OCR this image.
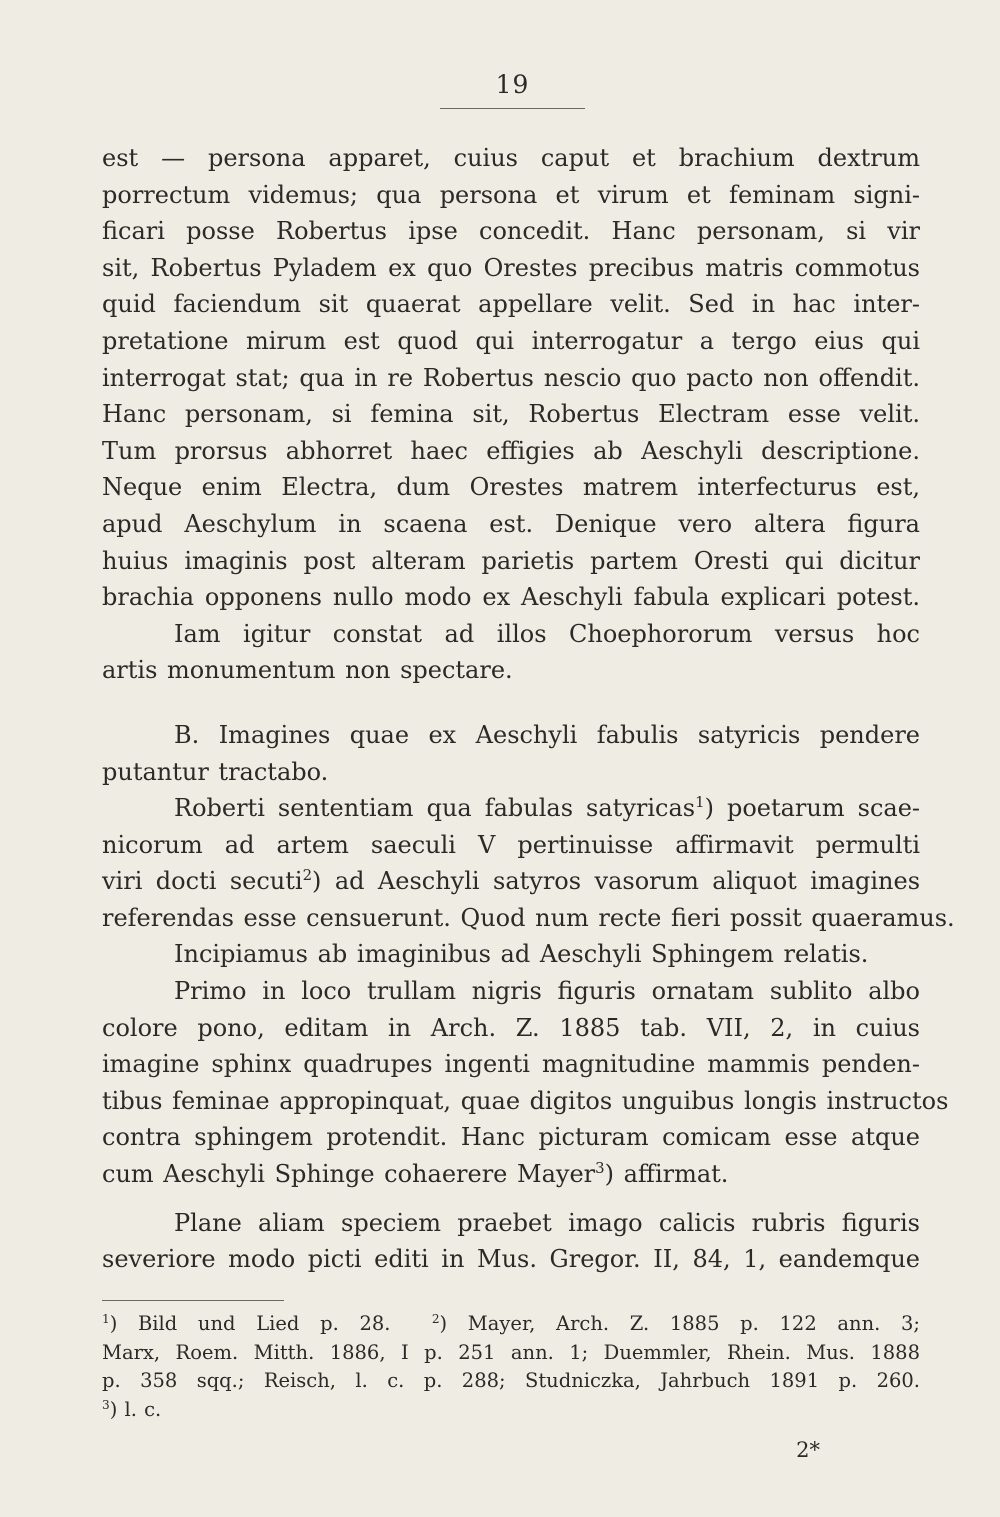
19
est — persona apparet, cuius caput et brachium dextrum
porrectum videmus; qua persona et virum et feminam signi-
ficari posse Robertus ipse concedit. Hanc personam, si vir
sit, Robertus Pyladem ex quo Orestes precibus matris commotus
quid faciendum sit quaerat appellare velit. Sed in hac inter-
pretatione mirum est quod qui interrogatur a tergo eius qui
interrogat stat; qua in re Robertus nescio quo pacto non offendit.
Hanc personam, si femina sit, Robertus Electram esse velit.
Tum prorsus abhorret haec effigies ab Aeschyli descriptione.
Neque enim Electra, dum Orestes matrem interfecturus est,
apud Aeschylum in scaena est. Denique vero altera figura
huius imaginis post alteram parietis partem Oresti qui dicitur
brachia opponens nullo modo ex Aeschyli fabula explicari potest.
Iam igitur constat ad illos Choephororum versus hoc
artis monumentum non spectare.
B. Imagines quae ex Aeschyli fabulis satyricis pendere
putantur tractabo.
Roberti sententiam qua fabulas satyricas$^1$) poetarum scae-
nicorum ad artem saeculi V pertinuisse affirmavit permulti
viri docti secuti$^2$) ad Aeschyli satyros vasorum aliquot imagines
referendas esse censuerunt. Quod num recte fieri possit quaeramus.
Incipiamus ab imaginibus ad Aeschyli Sphingem relatis.
Primo in loco trullam nigris figuris ornatam sublito albo
colore pono, editam in Arch. Z. 1885 tab. VII, 2, in cuius
imagine sphinx quadrupes ingenti magnitudine mammis penden-
tibus feminae appropinquat, quae digitos unguibus longis instructos
contra sphingem protendit. Hanc picturam comicam esse atque
cum Aeschyli Sphinge cohaerere Mayer$^3$) affirmat.
Plane aliam speciem praebet imago calicis rubris figuris
severiore modo picti editi in Mus. Gregor. II, 84, 1, eandemque
$^1$) Bild und Lied p. 28.	$^2$) Mayer, Arch. Z. 1885 p. 122 ann. 3;
Marx, Roem. Mitth. 1886, I p. 251 ann. 1; Duemmler, Rhein. Mus. 1888
p. 358 sqq.; Reisch, l. c. p. 288; Studniczka, Jahrbuch 1891 p. 260.
$^3$) l. c.
2*
